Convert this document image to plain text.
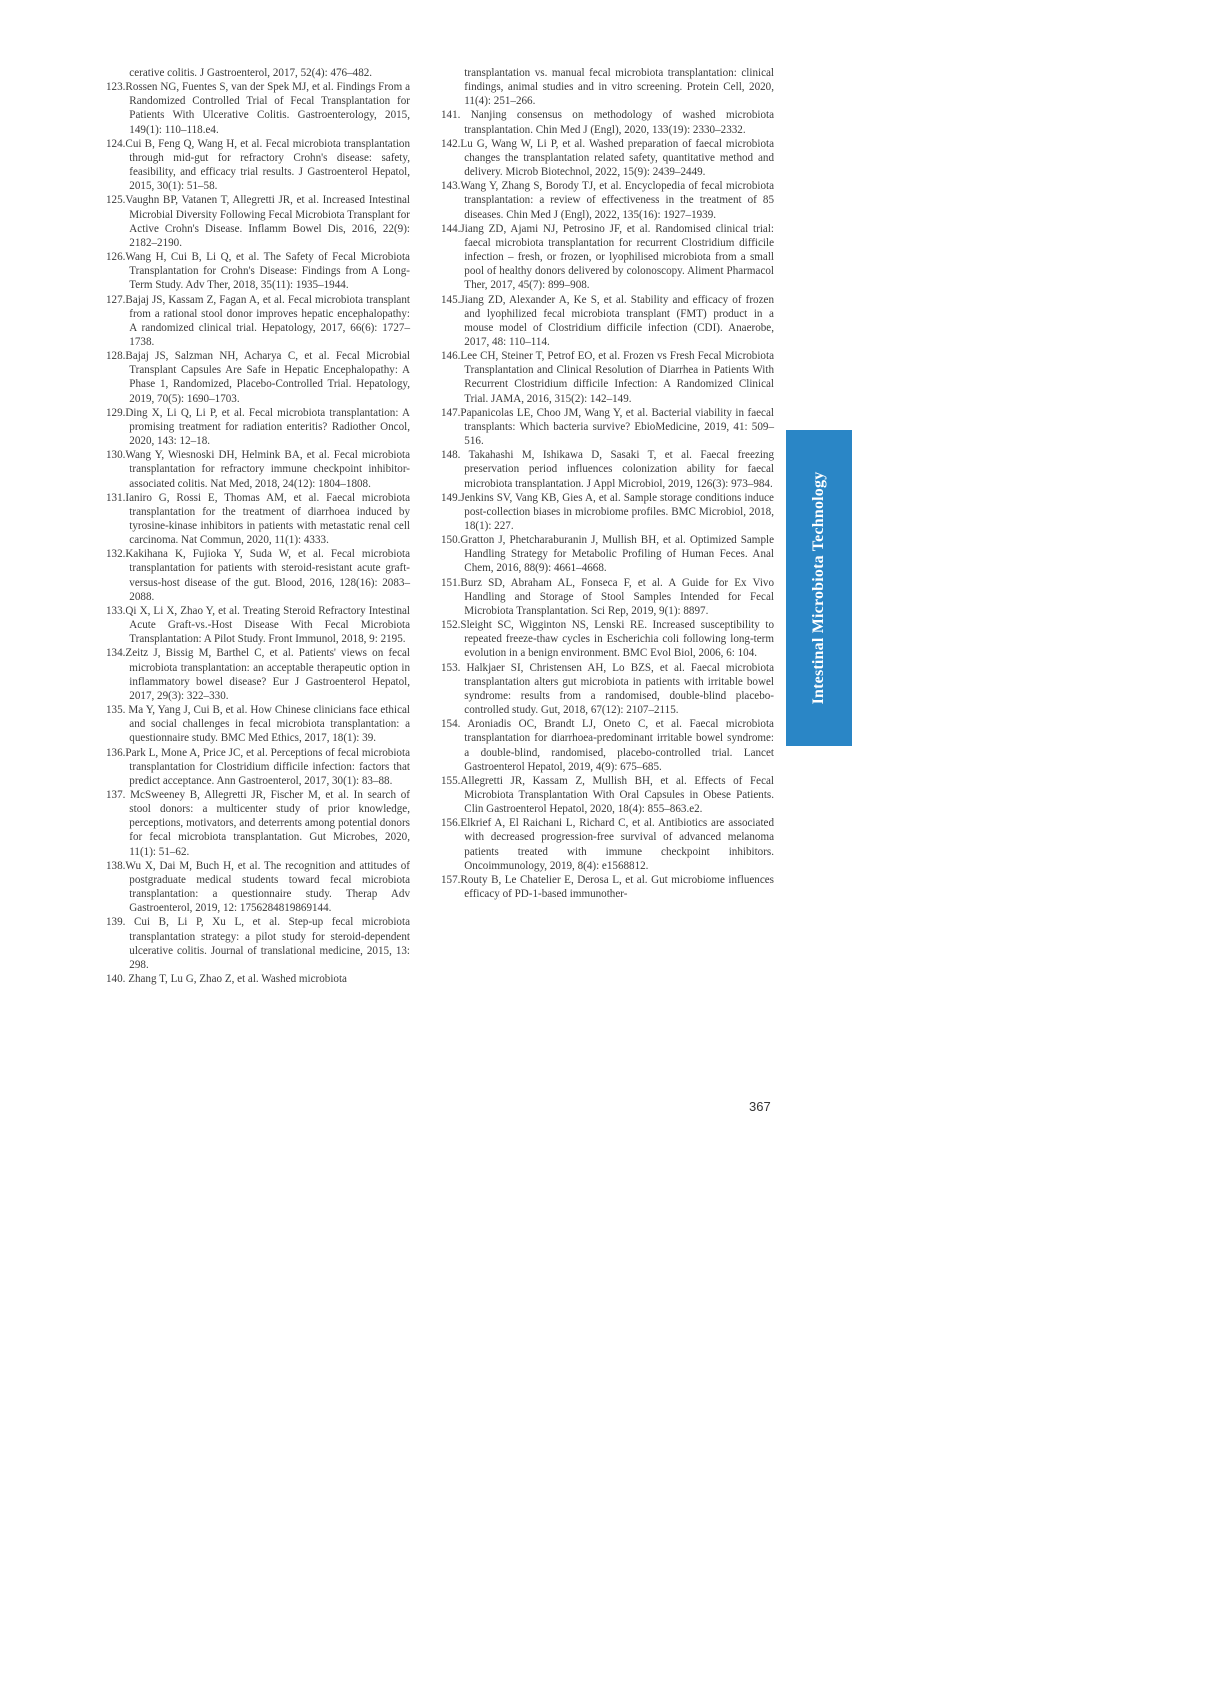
cerative colitis. J Gastroenterol, 2017, 52(4): 476–482.

123.Rossen NG, Fuentes S, van der Spek MJ, et al. Findings From a Randomized Controlled Trial of Fecal Transplantation for Patients With Ulcerative Colitis. Gastroenterology, 2015, 149(1): 110–118.e4.

124.Cui B, Feng Q, Wang H, et al. Fecal microbiota transplantation through mid-gut for refractory Crohn's disease: safety, feasibility, and efficacy trial results. J Gastroenterol Hepatol, 2015, 30(1): 51–58.

125.Vaughn BP, Vatanen T, Allegretti JR, et al. Increased Intestinal Microbial Diversity Following Fecal Microbiota Transplant for Active Crohn's Disease. Inflamm Bowel Dis, 2016, 22(9): 2182–2190.

126.Wang H, Cui B, Li Q, et al. The Safety of Fecal Microbiota Transplantation for Crohn's Disease: Findings from A Long-Term Study. Adv Ther, 2018, 35(11): 1935–1944.

127.Bajaj JS, Kassam Z, Fagan A, et al. Fecal microbiota transplant from a rational stool donor improves hepatic encephalopathy: A randomized clinical trial. Hepatology, 2017, 66(6): 1727–1738.

128.Bajaj JS, Salzman NH, Acharya C, et al. Fecal Microbial Transplant Capsules Are Safe in Hepatic Encephalopathy: A Phase 1, Randomized, Placebo-Controlled Trial. Hepatology, 2019, 70(5): 1690–1703.

129.Ding X, Li Q, Li P, et al. Fecal microbiota transplantation: A promising treatment for radiation enteritis? Radiother Oncol, 2020, 143: 12–18.

130.Wang Y, Wiesnoski DH, Helmink BA, et al. Fecal microbiota transplantation for refractory immune checkpoint inhibitor-associated colitis. Nat Med, 2018, 24(12): 1804–1808.

131.Ianiro G, Rossi E, Thomas AM, et al. Faecal microbiota transplantation for the treatment of diarrhoea induced by tyrosine-kinase inhibitors in patients with metastatic renal cell carcinoma. Nat Commun, 2020, 11(1): 4333.

132.Kakihana K, Fujioka Y, Suda W, et al. Fecal microbiota transplantation for patients with steroid-resistant acute graft-versus-host disease of the gut. Blood, 2016, 128(16): 2083–2088.

133.Qi X, Li X, Zhao Y, et al. Treating Steroid Refractory Intestinal Acute Graft-vs.-Host Disease With Fecal Microbiota Transplantation: A Pilot Study. Front Immunol, 2018, 9: 2195.

134.Zeitz J, Bissig M, Barthel C, et al. Patients' views on fecal microbiota transplantation: an acceptable therapeutic option in inflammatory bowel disease? Eur J Gastroenterol Hepatol, 2017, 29(3): 322–330.

135. Ma Y, Yang J, Cui B, et al. How Chinese clinicians face ethical and social challenges in fecal microbiota transplantation: a questionnaire study. BMC Med Ethics, 2017, 18(1): 39.

136.Park L, Mone A, Price JC, et al. Perceptions of fecal microbiota transplantation for Clostridium difficile infection: factors that predict acceptance. Ann Gastroenterol, 2017, 30(1): 83–88.

137. McSweeney B, Allegretti JR, Fischer M, et al. In search of stool donors: a multicenter study of prior knowledge, perceptions, motivators, and deterrents among potential donors for fecal microbiota transplantation. Gut Microbes, 2020, 11(1): 51–62.

138.Wu X, Dai M, Buch H, et al. The recognition and attitudes of postgraduate medical students toward fecal microbiota transplantation: a questionnaire study. Therap Adv Gastroenterol, 2019, 12: 1756284819869144.

139. Cui B, Li P, Xu L, et al. Step-up fecal microbiota transplantation strategy: a pilot study for steroid-dependent ulcerative colitis. Journal of translational medicine, 2015, 13: 298.

140. Zhang T, Lu G, Zhao Z, et al. Washed microbiota

transplantation vs. manual fecal microbiota transplantation: clinical findings, animal studies and in vitro screening. Protein Cell, 2020, 11(4): 251–266.

141. Nanjing consensus on methodology of washed microbiota transplantation. Chin Med J (Engl), 2020, 133(19): 2330–2332.

142.Lu G, Wang W, Li P, et al. Washed preparation of faecal microbiota changes the transplantation related safety, quantitative method and delivery. Microb Biotechnol, 2022, 15(9): 2439–2449.

143.Wang Y, Zhang S, Borody TJ, et al. Encyclopedia of fecal microbiota transplantation: a review of effectiveness in the treatment of 85 diseases. Chin Med J (Engl), 2022, 135(16): 1927–1939.

144.Jiang ZD, Ajami NJ, Petrosino JF, et al. Randomised clinical trial: faecal microbiota transplantation for recurrent Clostridium difficile infection – fresh, or frozen, or lyophilised microbiota from a small pool of healthy donors delivered by colonoscopy. Aliment Pharmacol Ther, 2017, 45(7): 899–908.

145.Jiang ZD, Alexander A, Ke S, et al. Stability and efficacy of frozen and lyophilized fecal microbiota transplant (FMT) product in a mouse model of Clostridium difficile infection (CDI). Anaerobe, 2017, 48: 110–114.

146.Lee CH, Steiner T, Petrof EO, et al. Frozen vs Fresh Fecal Microbiota Transplantation and Clinical Resolution of Diarrhea in Patients With Recurrent Clostridium difficile Infection: A Randomized Clinical Trial. JAMA, 2016, 315(2): 142–149.

147.Papanicolas LE, Choo JM, Wang Y, et al. Bacterial viability in faecal transplants: Which bacteria survive? EbioMedicine, 2019, 41: 509–516.

148. Takahashi M, Ishikawa D, Sasaki T, et al. Faecal freezing preservation period influences colonization ability for faecal microbiota transplantation. J Appl Microbiol, 2019, 126(3): 973–984.

149.Jenkins SV, Vang KB, Gies A, et al. Sample storage conditions induce post-collection biases in microbiome profiles. BMC Microbiol, 2018, 18(1): 227.

150.Gratton J, Phetcharaburanin J, Mullish BH, et al. Optimized Sample Handling Strategy for Metabolic Profiling of Human Feces. Anal Chem, 2016, 88(9): 4661–4668.

151.Burz SD, Abraham AL, Fonseca F, et al. A Guide for Ex Vivo Handling and Storage of Stool Samples Intended for Fecal Microbiota Transplantation. Sci Rep, 2019, 9(1): 8897.

152.Sleight SC, Wigginton NS, Lenski RE. Increased susceptibility to repeated freeze-thaw cycles in Escherichia coli following long-term evolution in a benign environment. BMC Evol Biol, 2006, 6: 104.

153. Halkjaer SI, Christensen AH, Lo BZS, et al. Faecal microbiota transplantation alters gut microbiota in patients with irritable bowel syndrome: results from a randomised, double-blind placebo-controlled study. Gut, 2018, 67(12): 2107–2115.

154. Aroniadis OC, Brandt LJ, Oneto C, et al. Faecal microbiota transplantation for diarrhoea-predominant irritable bowel syndrome: a double-blind, randomised, placebo-controlled trial. Lancet Gastroenterol Hepatol, 2019, 4(9): 675–685.

155.Allegretti JR, Kassam Z, Mullish BH, et al. Effects of Fecal Microbiota Transplantation With Oral Capsules in Obese Patients. Clin Gastroenterol Hepatol, 2020, 18(4): 855–863.e2.

156.Elkrief A, El Raichani L, Richard C, et al. Antibiotics are associated with decreased progression-free survival of advanced melanoma patients treated with immune checkpoint inhibitors. Oncoimmunology, 2019, 8(4): e1568812.

157.Routy B, Le Chatelier E, Derosa L, et al. Gut microbiome influences efficacy of PD-1-based immunother-

Intestinal Microbiota Technology
367
